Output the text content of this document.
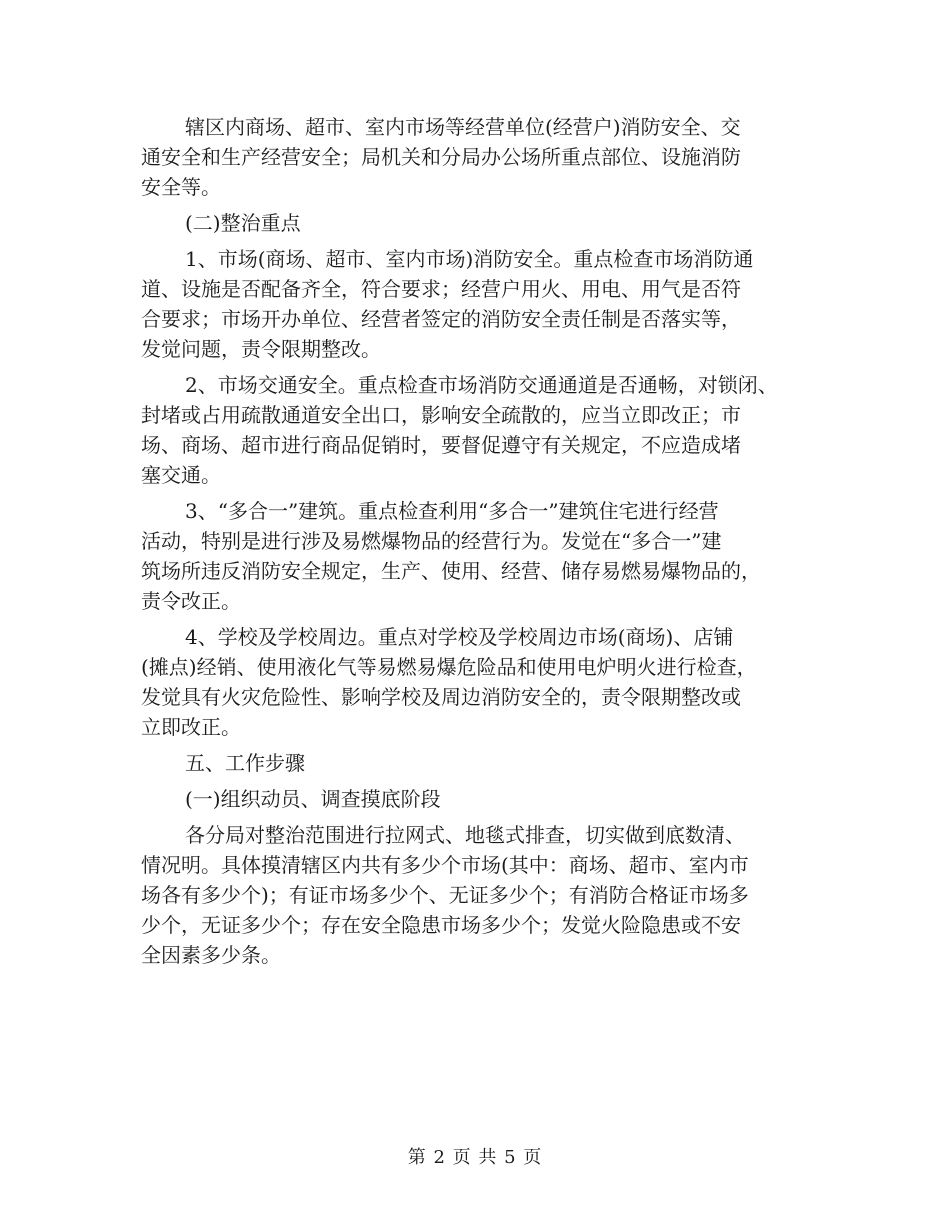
辖区内商场、超市、室内市场等经营单位(经营户)消防安全、交
通安全和生产经营安全；局机关和分局办公场所重点部位、设施消防
安全等。
(二)整治重点
1、市场(商场、超市、室内市场)消防安全。重点检查市场消防通
道、设施是否配备齐全，符合要求；经营户用火、用电、用气是否符
合要求；市场开办单位、经营者签定的消防安全责任制是否落实等，
发觉问题，责令限期整改。
2、市场交通安全。重点检查市场消防交通通道是否通畅，对锁闭、
封堵或占用疏散通道安全出口，影响安全疏散的，应当立即改正；市
场、商场、超市进行商品促销时，要督促遵守有关规定，不应造成堵
塞交通。
3、“多合一”建筑。重点检查利用“多合一”建筑住宅进行经营
活动，特别是进行涉及易燃爆物品的经营行为。发觉在“多合一”建
筑场所违反消防安全规定，生产、使用、经营、储存易燃易爆物品的，
责令改正。
4、学校及学校周边。重点对学校及学校周边市场(商场)、店铺
(摊点)经销、使用液化气等易燃易爆危险品和使用电炉明火进行检查，
发觉具有火灾危险性、影响学校及周边消防安全的，责令限期整改或
立即改正。
五、工作步骤
(一)组织动员、调查摸底阶段
各分局对整治范围进行拉网式、地毯式排查，切实做到底数清、
情况明。具体摸清辖区内共有多少个市场(其中：商场、超市、室内市
场各有多少个)；有证市场多少个、无证多少个；有消防合格证市场多
少个，无证多少个；存在安全隐患市场多少个；发觉火险隐患或不安
全因素多少条。
第 2 页 共 5 页
